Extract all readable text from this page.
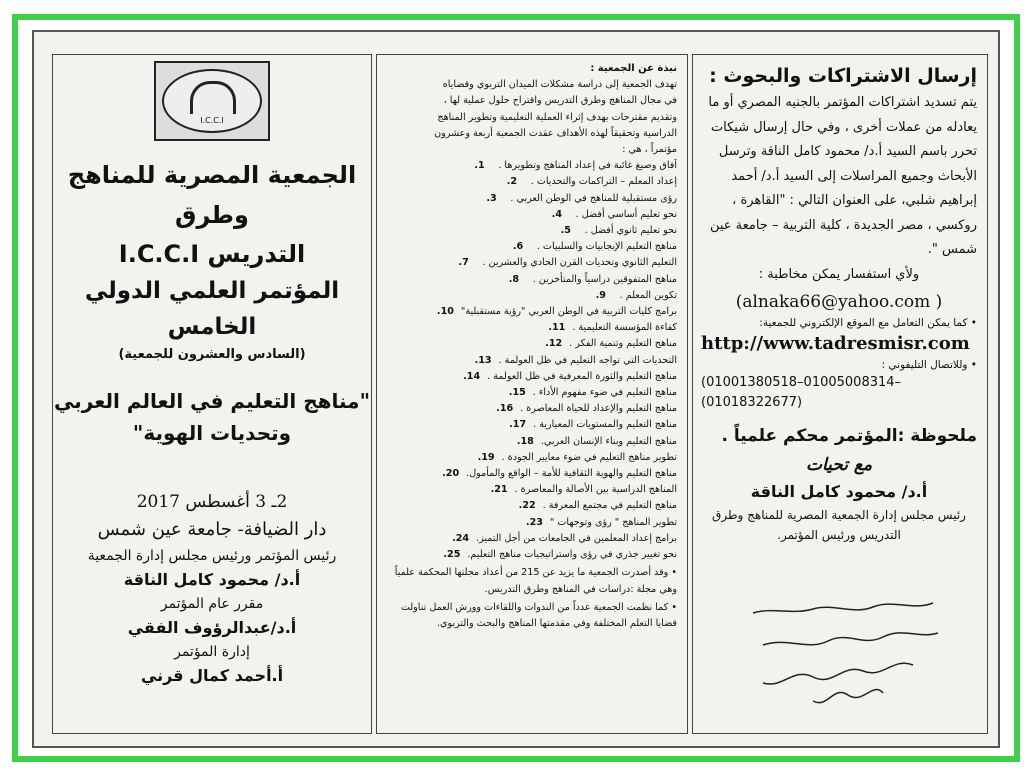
I.C.C.I
الجمعية المصرية للمناهج وطرق
التدريس I.C.C.I
المؤتمر العلمي الدولي الخامس
(السادس والعشرون للجمعية)
"مناهج التعليم في العالم العربي
وتحديات الهوية"
2ـ 3 أغسطس 2017
دار الضيافة- جامعة عين شمس
رئيس المؤتمر ورئيس مجلس إدارة الجمعية
أ.د/ محمود كامل الناقة
مقرر عام المؤتمر
أ.د/عبدالرؤوف الفقي
إدارة المؤتمر
أ.أحمد كمال قرني
نبذة عن الجمعية :
تهدف الجمعية إلى دراسة مشكلات الميدان التربوي وقضاياه
في مجال المناهج وطرق التدريس واقتراح حلول عملية لها ،
وتقديم مقترحات بهدف إثراء العملية التعليمية وتطوير المناهج
الدراسية وتحقيقاً لهذه الأهداف عقدت الجمعية أربعة وعشرون
مؤتمراً ، هي :
آفاق وصيغ غائبة في إعداد المناهج وتطويرها .1.
إعداد المعلم – التراكمات والتحديات .2.
رؤى مستقبلية للمناهج في الوطن العربي .3.
نحو تعليم أساسي أفضل .4.
نحو تعليم ثانوي أفضل .5.
مناهج التعليم الإيجابيات والسلبيات .6.
التعليم الثانوي وتحديات القرن الحادي والعشرين .7.
مناهج المتفوقين دراسياً والمتأخرين .8.
تكوين المعلم .9.
برامج كليات التربية في الوطن العربي "رؤية مستقبلية"10.
كفاءة المؤسسة التعليمية .11.
مناهج التعليم وتنمية الفكر .12.
التحديات التي تواجه التعليم في ظل العولمة .13.
مناهج التعليم والثورة المعرفية في ظل العولمة .14.
مناهج التعليم في ضوء مفهوم الأداء .15.
مناهج التعليم والإعداد للحياة المعاصرة .16.
مناهج التعليم والمستويات المعيارية .17.
مناهج التعليم وبناء الإنسان العربي.18.
تطوير مناهج التعليم في ضوء معايير الجودة .19.
مناهج التعليم والهوية الثقافية للأمة – الواقع والمأمول.20.
المناهج الدراسية بين الأصالة والمعاصرة .21.
مناهج التعليم في مجتمع المعرفة .22.
تطوير المناهج " رؤى وتوجهات "23.
برامج إعداد المعلمين في الجامعات من أجل التميز.24.
نحو تغيير جذري في رؤى واستراتيجيات مناهج التعليم.25.
• وقد أصدرت الجمعية ما يزيد عن 215 من أعداد مجلتها المحكمة علمياً وهي مجلة :دراسات في المناهج وطرق التدريس.
• كما نظمت الجمعية عدداً من الندوات واللقاءات وورش العمل تناولت قضايا التعلم المختلفة وفي مقدمتها المناهج والبحث والتربوي.
إرسال الاشتراكات والبحوث :
يتم تسديد اشتراكات المؤتمر بالجنيه المصري أو ما يعادله من عملات أخرى ، وفي حال إرسال شيكات تحرر باسم السيد أ.د/ محمود كامل الناقة وترسل الأبحاث وجميع المراسلات إلى السيد أ.د/ أحمد إبراهيم شلبي، على العنوان التالي : "القاهرة ، روكسي ، مصر الجديدة ، كلية التربية – جامعة عين شمس ".
ولأي استفسار يمكن مخاطبة :
(alnaka66@yahoo.com )
• كما يمكن التعامل مع الموقع الإلكتروني للجمعية:
http://www.tadresmisr.com
• وللاتصال التليفوني :
(01001380518–01005008314–
(01018322677)
ملحوظة :المؤتمر محكم علمياً .
مع تحيات
أ.د/ محمود كامل الناقة
رئيس مجلس إدارة الجمعية المصرية للمناهج وطرق التدريس ورئيس المؤتمر.
